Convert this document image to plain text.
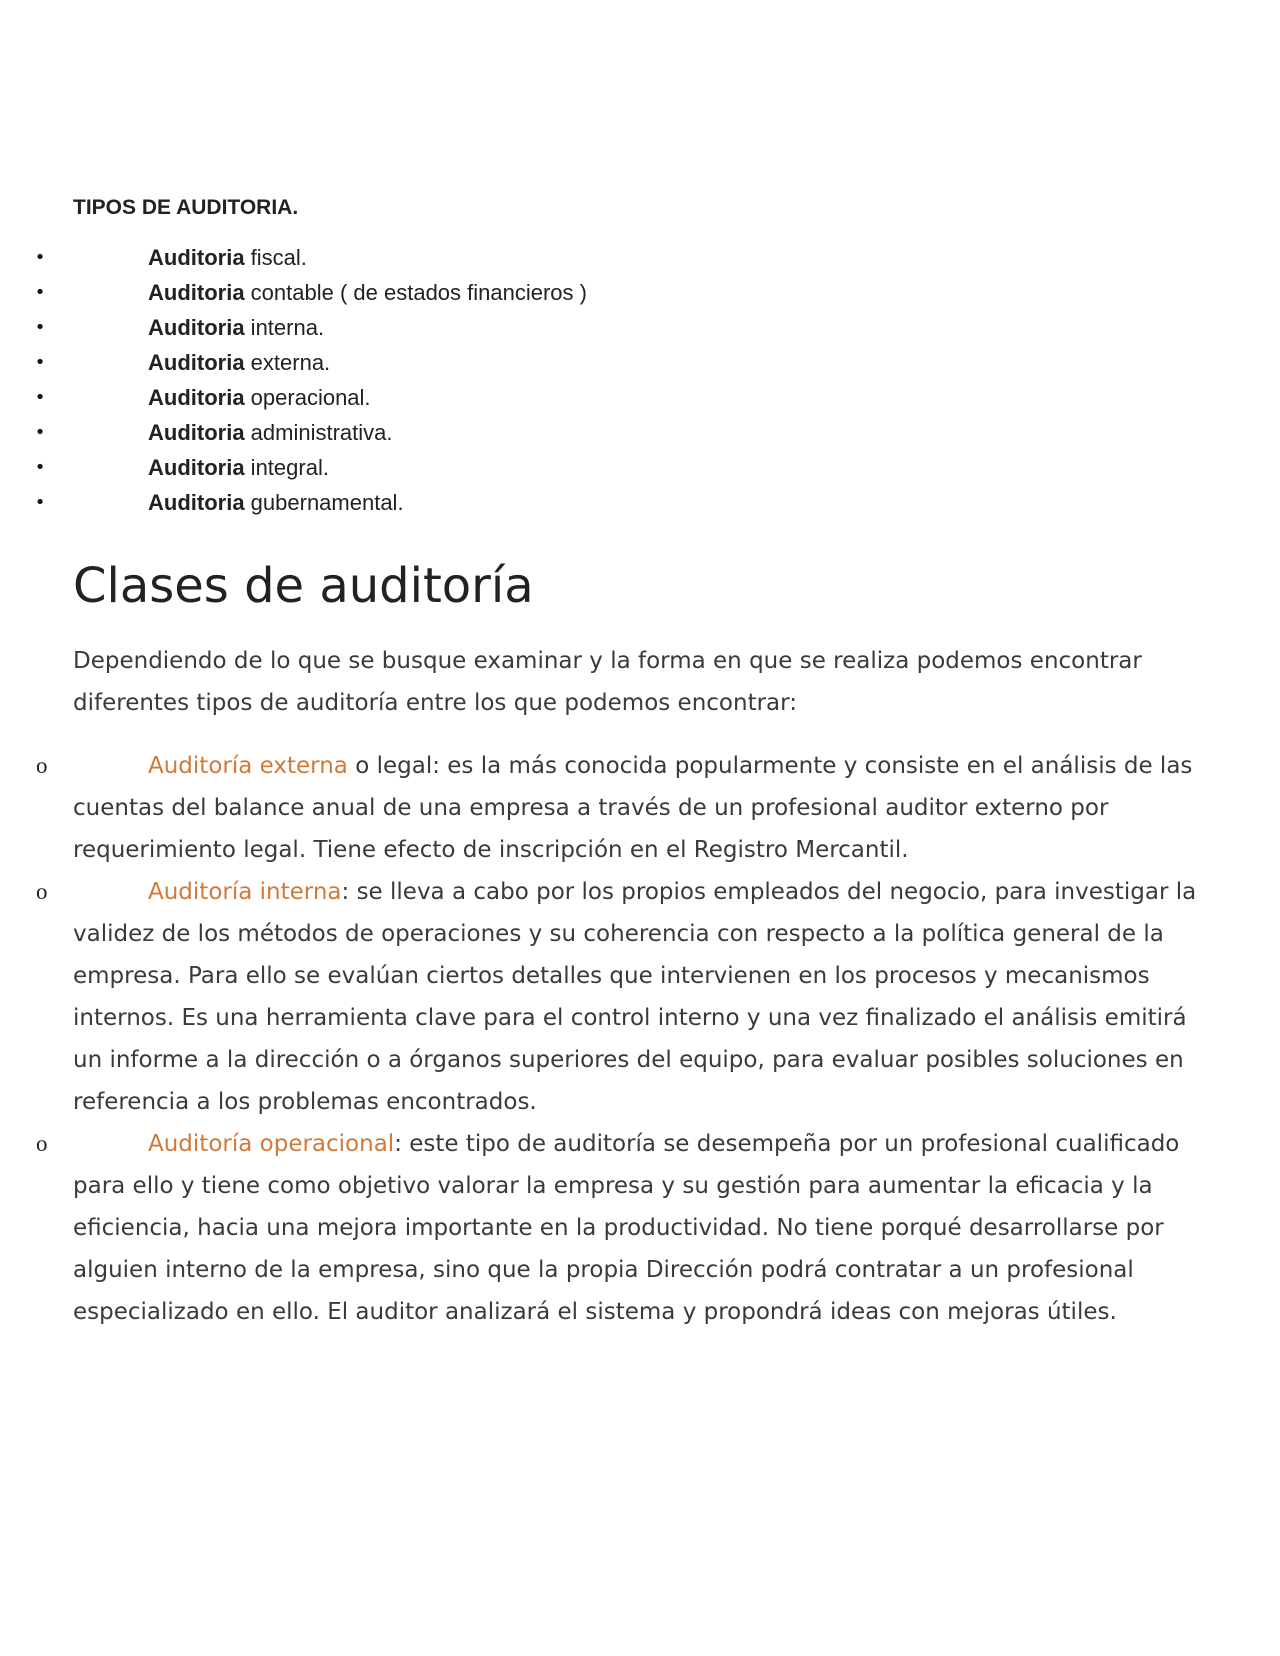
TIPOS DE AUDITORIA.
•	Auditoria fiscal.
•	Auditoria contable ( de estados financieros )
•	Auditoria interna.
•	Auditoria externa.
•	Auditoria operacional.
•	Auditoria administrativa.
•	Auditoria integral.
•	Auditoria gubernamental.
Clases de auditoría

Dependiendo de lo que se busque examinar y la forma en que se realiza podemos encontrar diferentes tipos de auditoría entre los que podemos encontrar:

o	Auditoría externa o legal: es la más conocida popularmente y consiste en el análisis de las cuentas del balance anual de una empresa a través de un profesional auditor externo por requerimiento legal. Tiene efecto de inscripción en el Registro Mercantil.
o	Auditoría interna: se lleva a cabo por los propios empleados del negocio, para investigar la validez de los métodos de operaciones y su coherencia con respecto a la política general de la empresa. Para ello se evalúan ciertos detalles que intervienen en los procesos y mecanismos internos. Es una herramienta clave para el control interno y una vez finalizado el análisis emitirá un informe a la dirección o a órganos superiores del equipo, para evaluar posibles soluciones en referencia a los problemas encontrados.
o	Auditoría operacional: este tipo de auditoría se desempeña por un profesional cualificado para ello y tiene como objetivo valorar la empresa y su gestión para aumentar la eficacia y la eficiencia, hacia una mejora importante en la productividad. No tiene porqué desarrollarse por alguien interno de la empresa, sino que la propia Dirección podrá contratar a un profesional especializado en ello. El auditor analizará el sistema y propondrá ideas con mejoras útiles.
